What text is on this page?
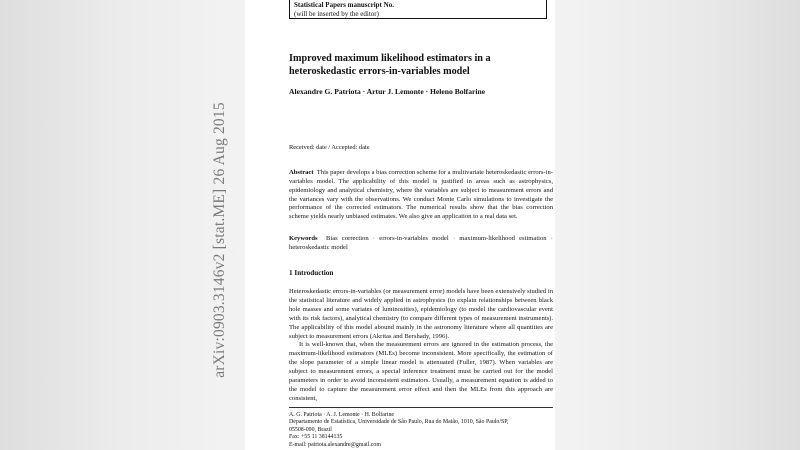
Statistical Papers manuscript No.
(will be inserted by the editor)
Improved maximum likelihood estimators in a heteroskedastic errors-in-variables model
Alexandre G. Patriota · Artur J. Lemonte · Heleno Bolfarine
Received: date / Accepted: date
Abstract This paper develops a bias correction scheme for a multivariate heteroskedastic errors-in-variables model. The applicability of this model is justified in areas such as astrophysics, epidemiology and analytical chemistry, where the variables are subject to measurement errors and the variances vary with the observations. We conduct Monte Carlo simulations to investigate the performance of the corrected estimators. The numerical results show that the bias correction scheme yields nearly unbiased estimates. We also give an application to a real data set.
Keywords Bias correction · errors-in-variables model · maximum-likelihood estimation · heteroskedastic model
1 Introduction

Heteroskedastic errors-in-variables (or measurement error) models have been extensively studied in the statistical literature and widely applied in astrophysics (to explain relationships between black hole masses and some variates of luminosities), epidemiology (to model the cardiovascular event with its risk factors), analytical chemistry (to compare different types of measurement instruments). The applicability of this model abound mainly in the astronomy literature where all quantities are subject to measurement errors (Akritas and Bershady, 1996).

It is well-known that, when the measurement errors are ignored in the estimation process, the maximum-likelihood estimators (MLEs) become inconsistent. More specifically, the estimation of the slope parameter of a simple linear model is attenuated (Fuller, 1987). When variables are subject to measurement errors, a special inference treatment must be carried out for the model parameters in order to avoid inconsistent estimators. Usually, a measurement equation is added to the model to capture the measurement error effect and then the MLEs from this approach are consistent,

A. G. Patriota · A. J. Lemonte · H. Bolfarine
Departamento de Estatística, Universidade de São Paulo, Rua do Matão, 1010, São Paulo/SP,
05508-090, Brazil
Fax: +55 11 38144135
E-mail: patriota.alexandre@gmail.com
arXiv:0903.3146v2 [stat.ME] 26 Aug 2015
